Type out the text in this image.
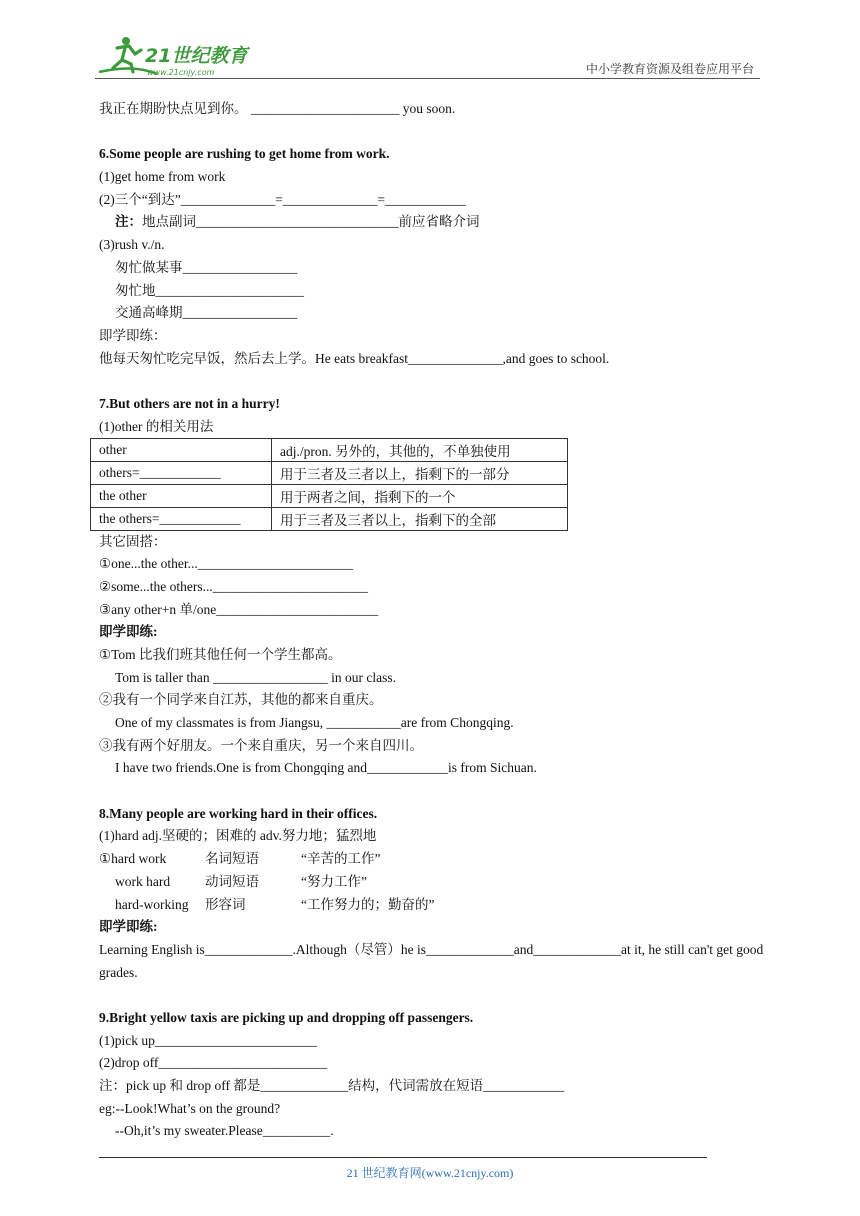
21世纪教育
www.21cnjy.com	中小学教育资源及组卷应用平台
我正在期盼快点见到你。 ______________________ you soon.
6.Some people are rushing to get home from work.
(1)get home from work
(2)三个“到达”______________=______________=____________
注：地点副词______________________________前应省略介词
(3)rush v./n.
匆忙做某事_________________
匆忙地______________________
交通高峰期_________________
即学即练：
他每天匆忙吃完早饭，然后去上学。He eats breakfast______________,and goes to school.
7.But others are not in a hurry!
(1)other 的相关用法
other	adj./pron. 另外的，其他的，不单独使用
others=____________	用于三者及三者以上，指剩下的一部分
the other	用于两者之间，指剩下的一个
the others=____________	用于三者及三者以上，指剩下的全部
其它固搭：
①one...the other..._______________________
②some...the others..._______________________
③any other+n 单/one________________________
即学即练:
①Tom 比我们班其他任何一个学生都高。
Tom is taller than _________________ in our class.
②我有一个同学来自江苏，其他的都来自重庆。
One of my classmates is from Jiangsu, ___________are from Chongqing.
③我有两个好朋友。一个来自重庆，另一个来自四川。
I have two friends.One is from Chongqing and____________is from Sichuan.
8.Many people are working hard in their offices.
(1)hard adj.坚硬的；困难的 adv.努力地；猛烈地
①hard work	名词短语	“辛苦的工作”
work hard	动词短语	“努力工作”
hard-working	形容词	“工作努力的；勤奋的”
即学即练:
Learning English is_____________.Although（尽管）he is_____________and_____________at it, he still can't get good grades.
9.Bright yellow taxis are picking up and dropping off passengers.
(1)pick up________________________
(2)drop off_________________________
注：pick up 和 drop off 都是_____________结构，代词需放在短语____________
eg:--Look!What’s on the ground?
--Oh,it’s my sweater.Please__________.
21 世纪教育网(www.21cnjy.com)
